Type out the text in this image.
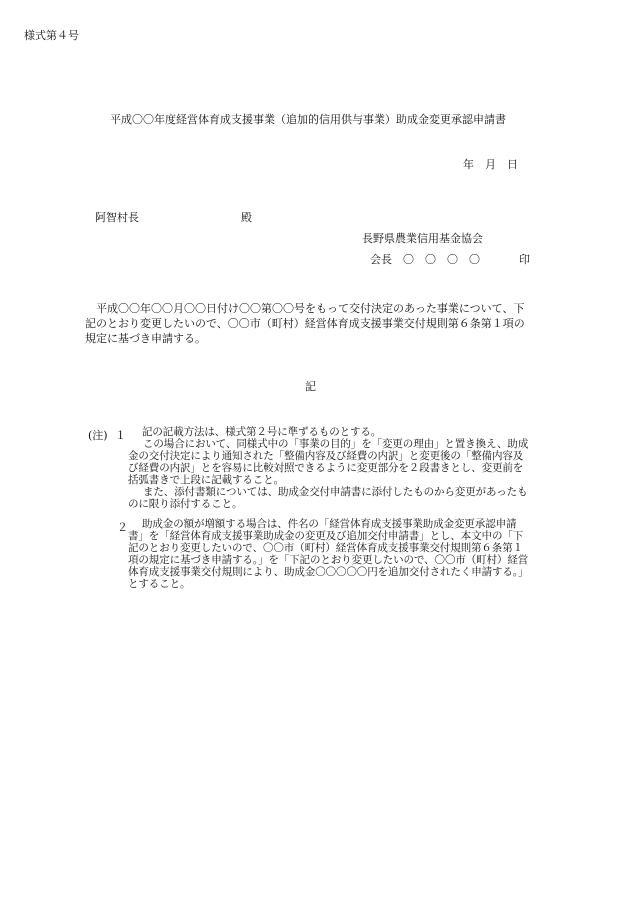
様式第４号
平成〇〇年度経営体育成支援事業（追加的信用供与事業）助成金変更承認申請書
年　月　日
阿智村長	殿
長野県農業信用基金協会
会長　〇　〇　〇　〇	印
平成〇〇年〇〇月〇〇日付け〇〇第〇〇号をもって交付決定のあった事業について、下記のとおり変更したいので、〇〇市（町村）経営体育成支援事業交付規則第６条第１項の規定に基づき申請する。
記
(注) １	記の記載方法は、様式第２号に準ずるものとする。
この場合において、同様式中の「事業の目的」を「変更の理由」と置き換え、助成金の交付決定により通知された「整備内容及び経費の内訳」と変更後の「整備内容及び経費の内訳」とを容易に比較対照できるように変更部分を２段書きとし、変更前を括弧書きで上段に記載すること。
また、添付書類については、助成金交付申請書に添付したものから変更があったものに限り添付すること。
２	助成金の額が増額する場合は、件名の「経営体育成支援事業助成金変更承認申請書」を「経営体育成支援事業助成金の変更及び追加交付申請書」とし、本文中の「下記のとおり変更したいので、〇〇市（町村）経営体育成支援事業交付規則第６条第１項の規定に基づき申請する。」を「下記のとおり変更したいので、〇〇市（町村）経営体育成支援事業交付規則により、助成金〇〇〇〇〇円を追加交付されたく申請する。」とすること。
